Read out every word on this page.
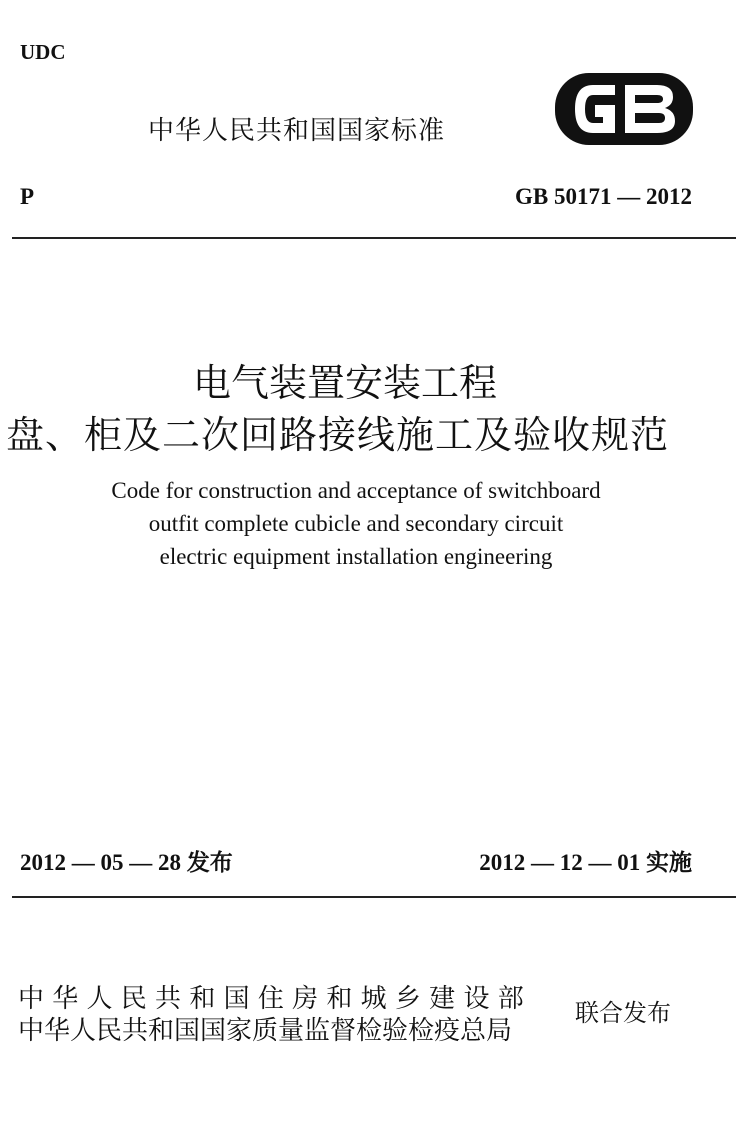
UDC
中华人民共和国国家标准
P	GB 50171 — 2012
电气装置安装工程
盘、柜及二次回路接线施工及验收规范
Code for construction and acceptance of switchboard
outfit complete cubicle and secondary circuit
electric equipment installation engineering
2012 — 05 — 28 发布	2012 — 12 — 01 实施
中 华 人 民 共 和 国 住 房 和 城 乡 建 设 部
中华人民共和国国家质量监督检验检疫总局
联合发布
